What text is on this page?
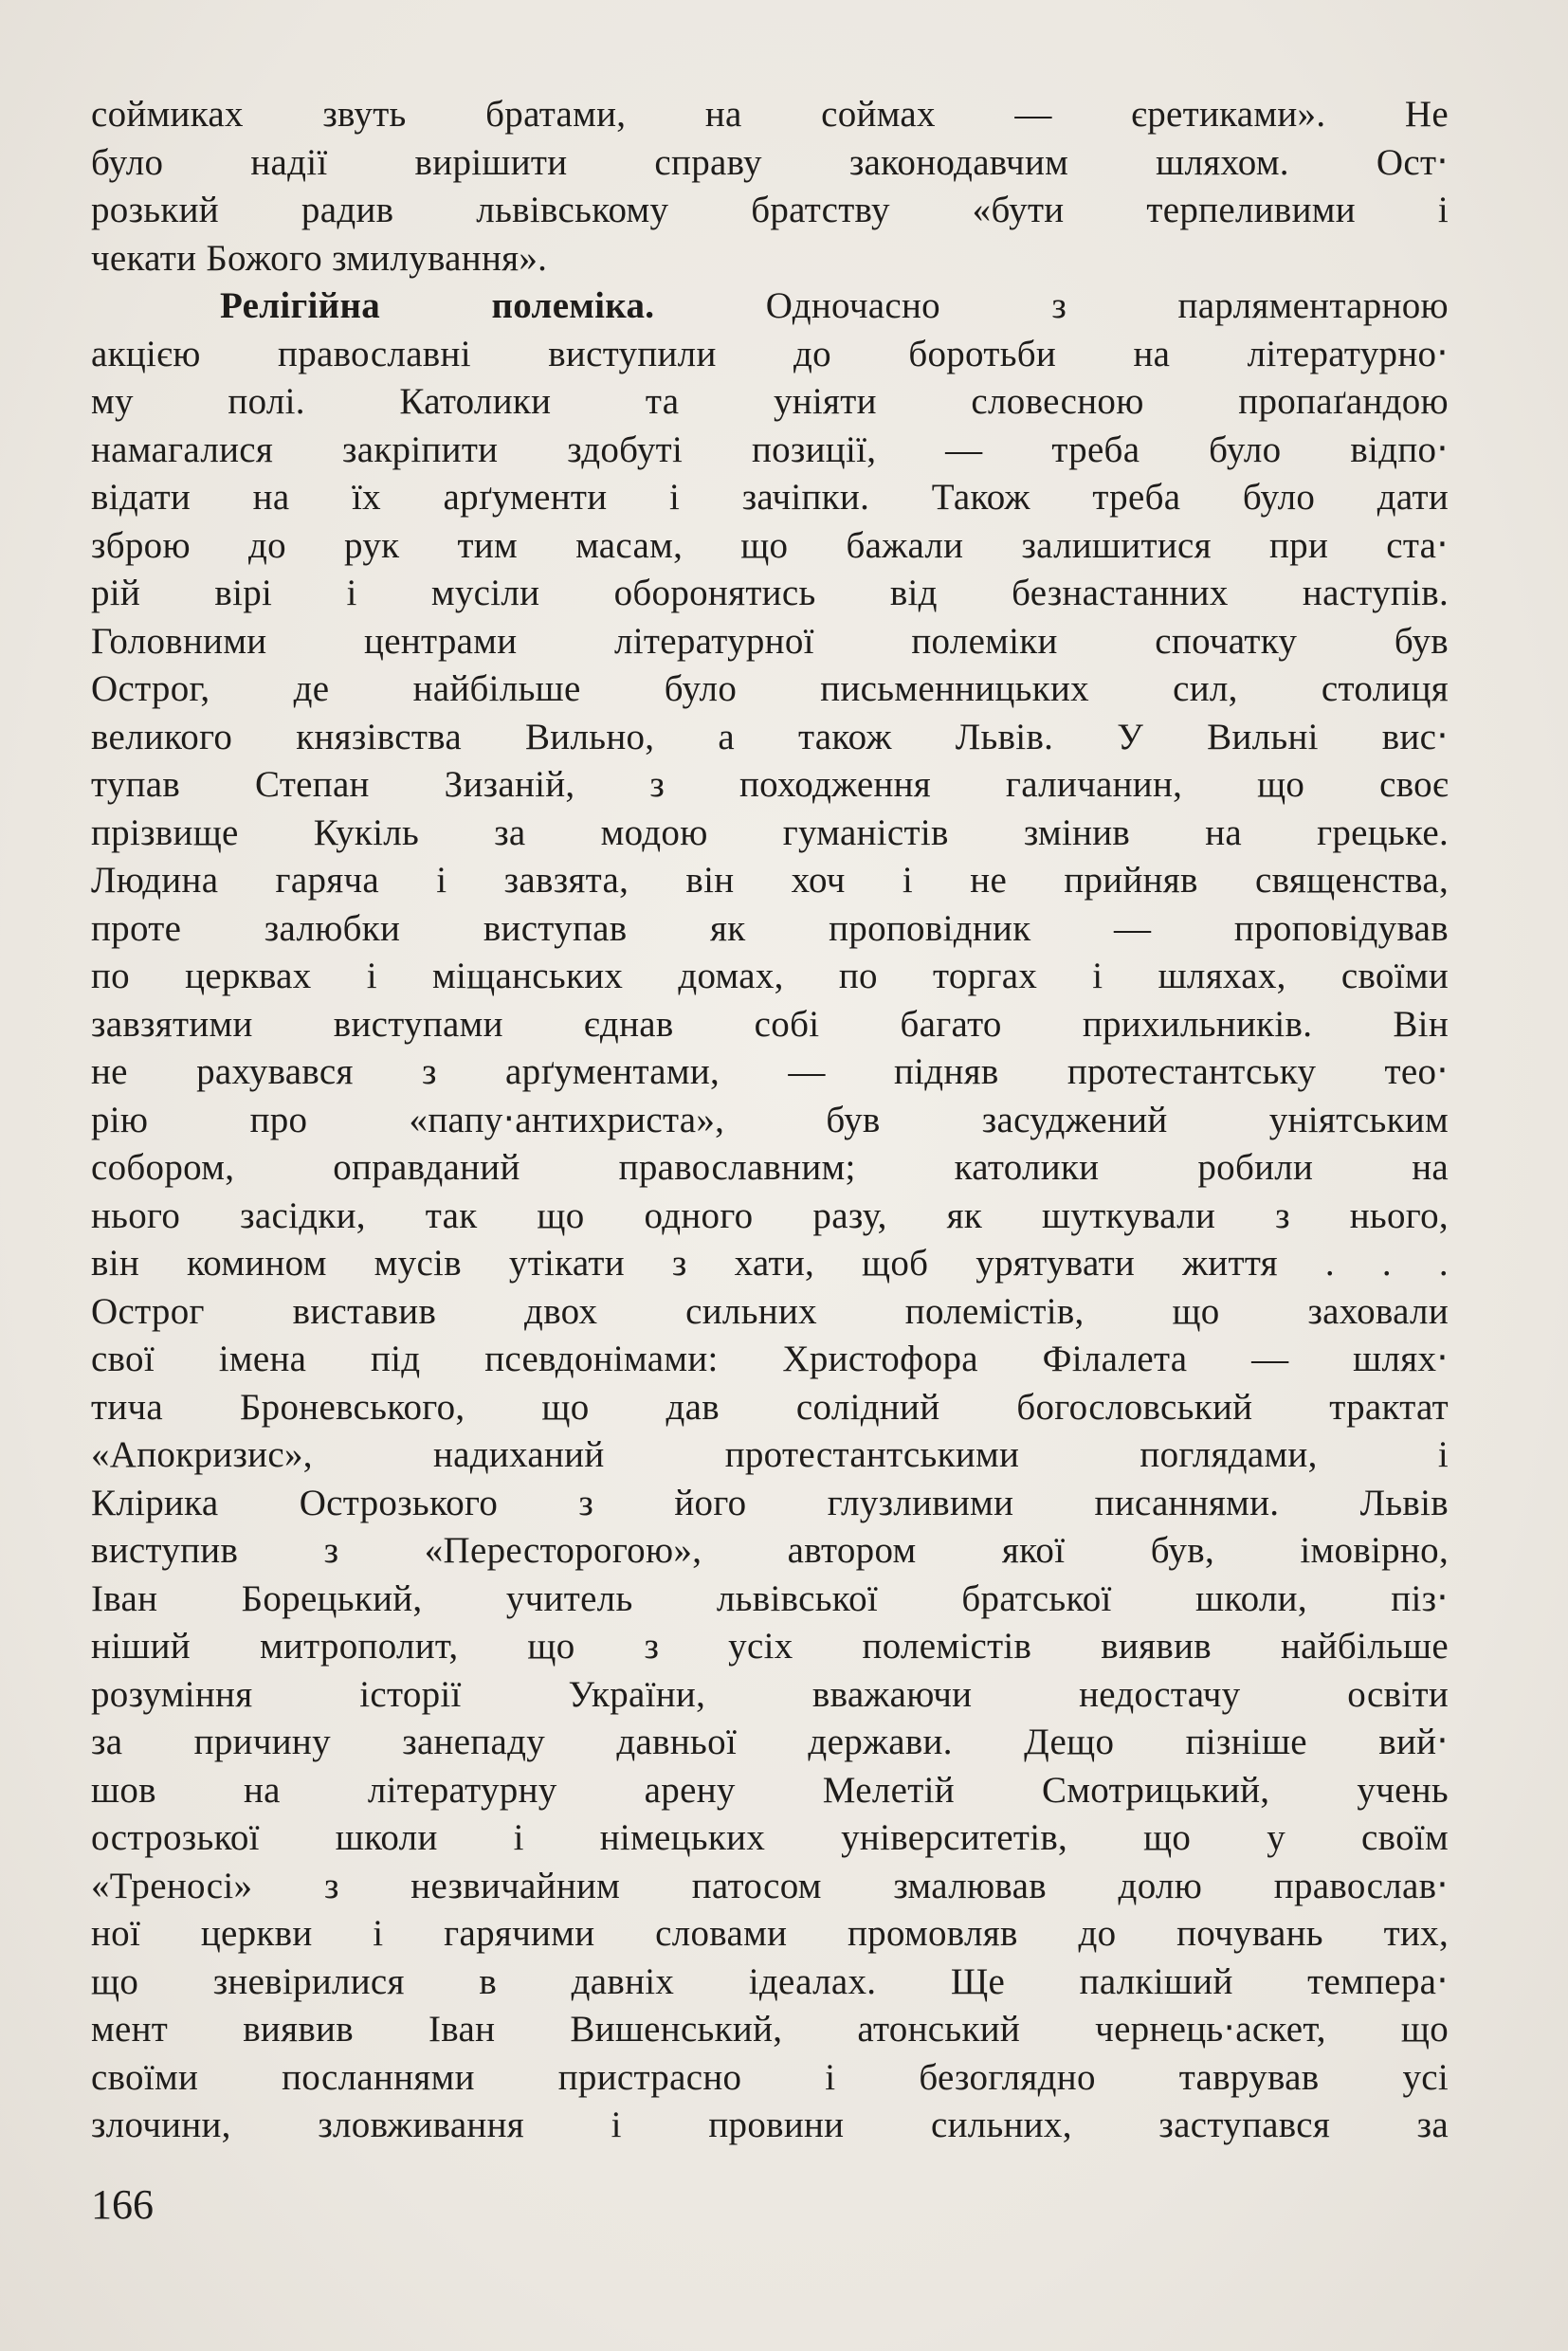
соймиках звуть братами, на соймах — єретиками». Не
було надії вирішити справу законодавчим шляхом. Ост‧
розький радив львівському братству «бути терпеливими і
чекати Божого змилування».
Релігійна полеміка.	Одночасно з парляментарною
акцією православні виступили до боротьби на літературно‧
му полі. Католики та уніяти словесною пропаґандою
намагалися закріпити здобуті позиції, — треба було відпо‧
відати на їх арґументи і зачіпки. Також треба було дати
зброю до рук тим масам, що бажали залишитися при ста‧
рій вірі і мусіли оборонятись від безнастанних наступів.
Головними центрами літературної полеміки спочатку був
Острог, де найбільше було письменницьких сил, столиця
великого князівства Вильно, а також Львів. У Вильні вис‧
тупав Степан Зизаній, з походження галичанин, що своє
прізвище Кукіль за модою гуманістів змінив на грецьке.
Людина гаряча і завзята, він хоч і не прийняв священства,
проте залюбки виступав як проповідник — проповідував
по церквах і міщанських домах, по торгах і шляхах, своїми
завзятими виступами єднав собі багато прихильників. Він
не рахувався з арґументами, — підняв протестантську тео‧
рію про «папу‧антихриста», був засуджений уніятським
собором, оправданий православним; католики робили на
нього засідки, так що одного разу, як шуткували з нього,
він комином мусів утікати з хати, щоб урятувати життя . . .
Острог виставив двох сильних полемістів, що заховали
свої імена під псевдонімами: Христофора Філалета — шлях‧
тича Броневського, що дав солідний богословський трактат
«Апокризис», надиханий протестантськими поглядами, і
Клірика Острозького з його глузливими писаннями. Львів
виступив з «Пересторогою», автором якої був, імовірно,
Іван Борецький, учитель львівської братської школи, піз‧
ніший митрополит, що з усіх полемістів виявив найбільше
розуміння історії України, вважаючи недостачу освіти
за причину занепаду давньої держави. Дещо пізніше вий‧
шов на літературну арену Мелетій Смотрицький, учень
острозької школи і німецьких університетів, що у своїм
«Треносі» з незвичайним патосом змалював долю православ‧
ної церкви і гарячими словами промовляв до почувань тих,
що зневірилися в давніх ідеалах. Ще палкіший темпера‧
мент виявив Іван Вишенський, атонський чернець‧аскет, що
своїми посланнями пристрасно і безоглядно таврував усі
злочини, зловживання і провини сильних, заступався за
166
